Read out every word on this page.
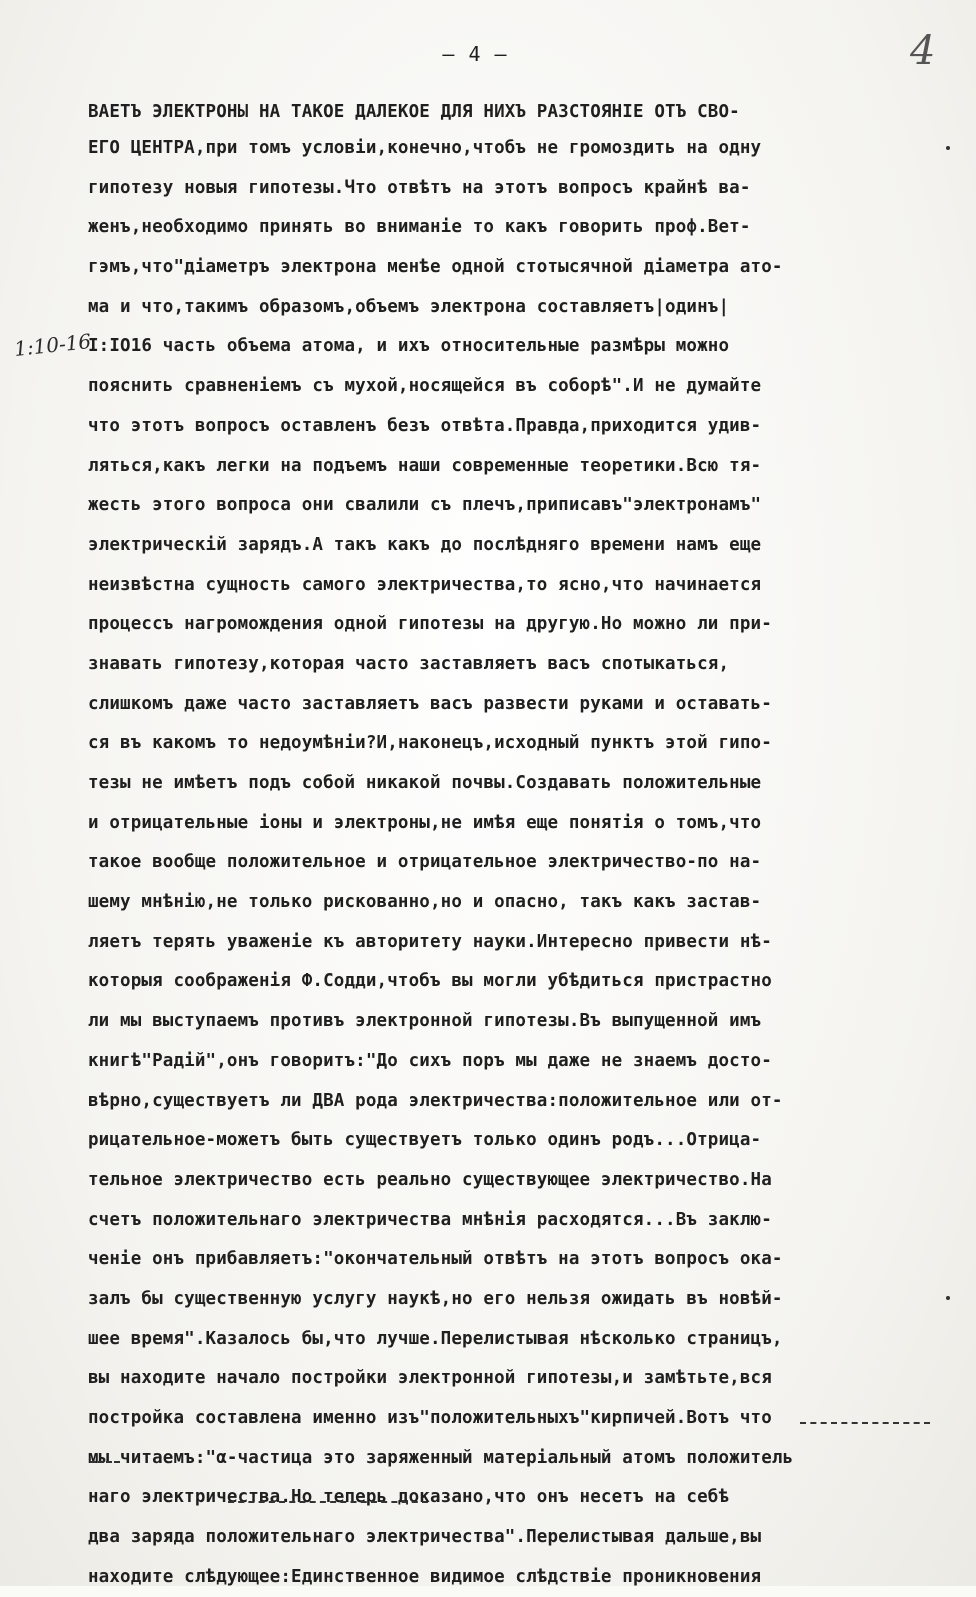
– 4 –	4
1:10-16
ВАЕТЪ ЭЛЕКТРОНЫ НА ТАКОЕ ДАЛЕКОЕ ДЛЯ НИХЪ РАЗСТОЯНIЕ ОТЪ СВО-
ЕГО ЦЕНТРА,при томъ условiи,конечно,чтобъ не громоздить на одну
гипотезу новыя гипотезы.Что отвѣтъ на этотъ вопросъ крайнѣ ва-
женъ,необходимо принять во вниманiе то какъ говорить проф.Вет-
гэмъ,что"дiаметръ электрона менѣе одной стотысячной дiаметра ато-
ма и что,такимъ образомъ,объемъ электрона составляетъ|одинъ|
I:IO16 часть объема атома, и ихъ относительные размѣры можно
пояснить сравненiемъ съ мухой,носящейся въ соборѣ".И не думайте
что этотъ вопросъ оставленъ безъ отвѣта.Правда,приходится удив-
ляться,какъ легки на подъемъ наши современные теоретики.Всю тя-
жесть этого вопроса они свалили съ плечъ,приписавъ"электронамъ"
электрическiй зарядъ.А такъ какъ до послѣдняго времени намъ еще
неизвѣстна сущность самого электричества,то ясно,что начинается
процессъ нагромождения одной гипотезы на другую.Но можно ли при-
знавать гипотезу,которая часто заставляетъ васъ спотыкаться,
слишкомъ даже часто заставляетъ васъ развести руками и оставать-
ся въ какомъ то недоумѣнiи?И,наконецъ,исходный пунктъ этой гипо-
тезы не имѣетъ подъ собой никакой почвы.Создавать положительные
и отрицательные iоны и электроны,не имѣя еще понятiя о томъ,что
такое вообще положительное и отрицательное электричество-по на-
шему мнѣнiю,не только рискованно,но и опасно, такъ какъ застав-
ляетъ терять уваженiе къ авторитету науки.Интересно привести нѣ-
которыя соображенiя Ф.Содди,чтобъ вы могли убѣдиться пристрастно
ли мы выступаемъ противъ электронной гипотезы.Въ выпущенной имъ
книгѣ"Радiй",онъ говоритъ:"До сихъ поръ мы даже не знаемъ досто-
вѣрно,существуетъ ли ДВА рода электричества:положительное или от-
рицательное-можетъ быть существуетъ только одинъ родъ...Отрица-
тельное электричество есть реально существующее электричество.На
счетъ положительнаго электричества мнѣнiя расходятся...Въ заклю-
ченiе онъ прибавляетъ:"окончательный отвѣтъ на этотъ вопросъ ока-
залъ бы существенную услугу наукѣ,но его нельзя ожидать въ новѣй-
шее время".Казалось бы,что лучше.Перелистывая нѣсколько страницъ,
вы находите начало постройки электронной гипотезы,и замѣтьте,вся
постройка составлена именно изъ"положительныхъ"кирпичей.Вотъ что
мы читаемъ:"α-частица это заряженный матерiальный атомъ положитель
наго электричества.Но теперь доказано,что онъ несетъ на себѣ
два заряда положительнаго электричества".Перелистывая дальше,вы
находите слѣдующее:Единственное видимое слѣдствiе проникновения
